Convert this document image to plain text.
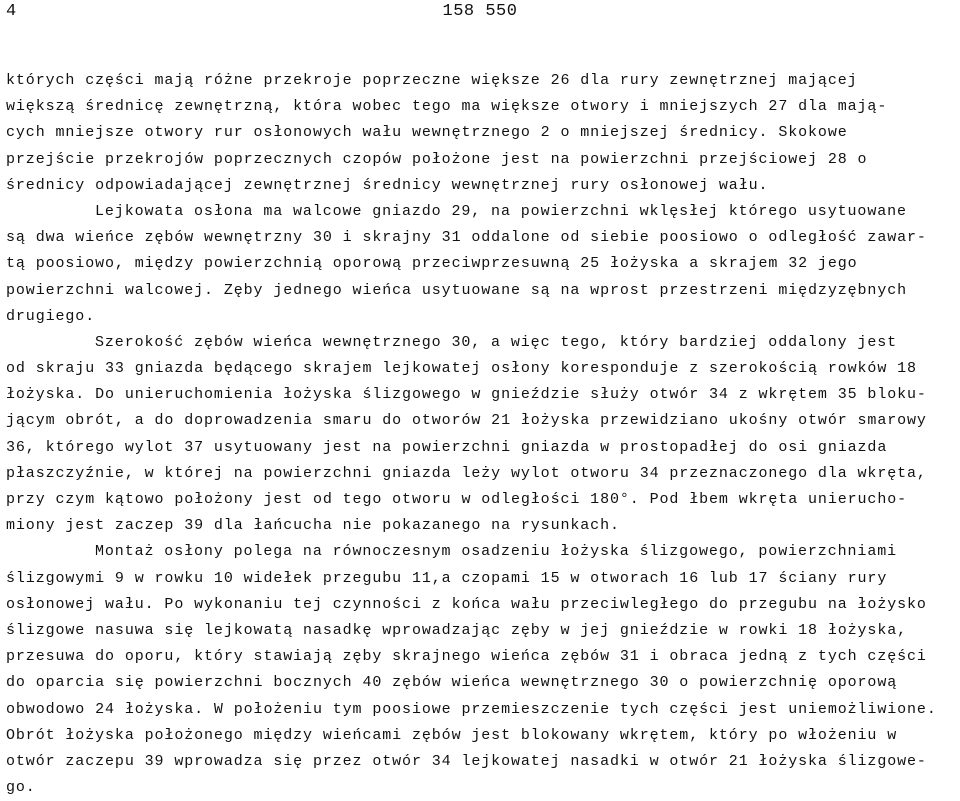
158 550
4
których części mają różne przekroje poprzeczne większe 26 dla rury zewnętrznej mającej
większą średnicę zewnętrzną, która wobec tego ma większe otwory i mniejszych 27 dla mają-
cych mniejsze otwory rur osłonowych wału wewnętrznego 2 o mniejszej średnicy. Skokowe
przejście przekrojów poprzecznych czopów położone jest na powierzchni przejściowej 28 o
średnicy odpowiadającej zewnętrznej średnicy wewnętrznej rury osłonowej wału.
Lejkowata osłona ma walcowe gniazdo 29, na powierzchni wklęsłej którego usytuowane
są dwa wieńce zębów wewnętrzny 30 i skrajny 31 oddalone od siebie poosiowo o odległość zawar-
tą poosiowo, między powierzchnią oporową przeciwprzesuwną 25 łożyska a skrajem 32 jego
powierzchni walcowej. Zęby jednego wieńca usytuowane są na wprost przestrzeni międzyzębnych
drugiego.
Szerokość zębów wieńca wewnętrznego 30, a więc tego, który bardziej oddalony jest
od skraju 33 gniazda będącego skrajem lejkowatej osłony koresponduje z szerokością rowków 18
łożyska. Do unieruchomienia łożyska ślizgowego w gnieździe służy otwór 34 z wkrętem 35 bloku-
jącym obrót, a do doprowadzenia smaru do otworów 21 łożyska przewidziano ukośny otwór smarowy
36, którego wylot 37 usytuowany jest na powierzchni gniazda w prostopadłej do osi gniazda
płaszczyźnie, w której na powierzchni gniazda leży wylot otworu 34 przeznaczonego dla wkręta,
przy czym kątowo położony jest od tego otworu w odległości 180°. Pod łbem wkręta unierucho-
miony jest zaczep 39 dla łańcucha nie pokazanego na rysunkach.
Montaż osłony polega na równoczesnym osadzeniu łożyska ślizgowego, powierzchniami
ślizgowymi 9 w rowku 10 widełek przegubu 11,a czopami 15 w otworach 16 lub 17 ściany rury
osłonowej wału. Po wykonaniu tej czynności z końca wału przeciwległego do przegubu na łożysko
ślizgowe nasuwa się lejkowatą nasadkę wprowadzając zęby w jej gnieździe w rowki 18 łożyska,
przesuwa do oporu, który stawiają zęby skrajnego wieńca zębów 31 i obraca jedną z tych części
do oparcia się powierzchni bocznych 40 zębów wieńca wewnętrznego 30 o powierzchnię oporową
obwodowo 24 łożyska. W położeniu tym poosiowe przemieszczenie tych części jest uniemożliwione.
Obrót łożyska położonego między wieńcami zębów jest blokowany wkrętem, który po włożeniu w
otwór zaczepu 39 wprowadza się przez otwór 34 lejkowatej nasadki w otwór 21 łożyska ślizgowe-
go.
